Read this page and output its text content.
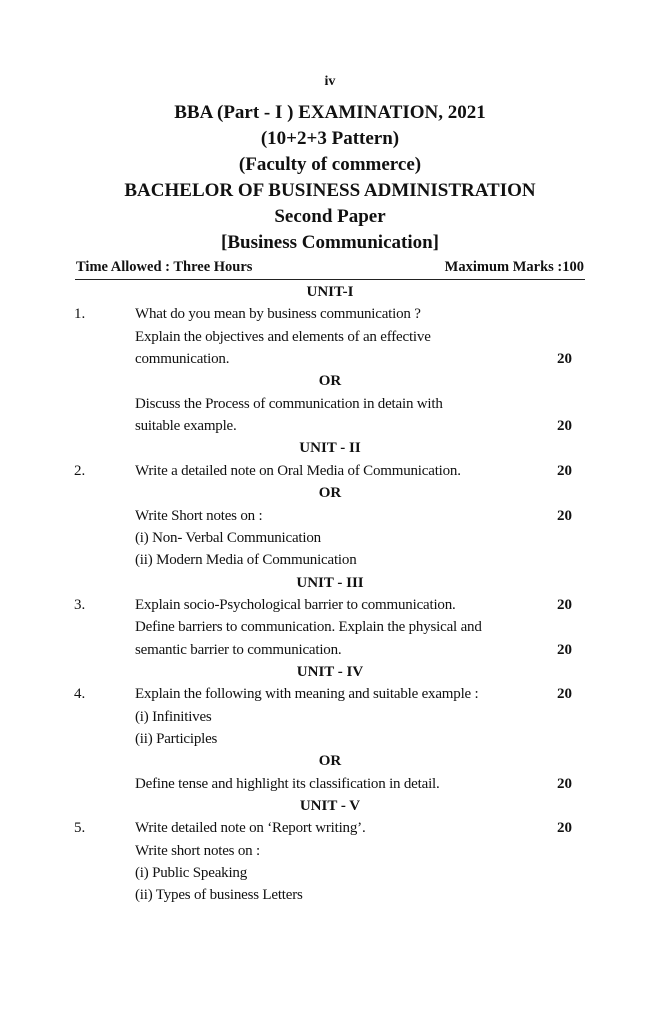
iv
BBA (Part - I ) EXAMINATION, 2021
(10+2+3 Pattern)
(Faculty of commerce)
BACHELOR OF BUSINESS ADMINISTRATION
Second Paper
[Business Communication]
Time Allowed : Three Hours	Maximum Marks :100
UNIT-I
1.	What do you mean by business communication ?
Explain the objectives and elements of an effective
communication.	20
OR
Discuss the Process of communication in detain with
suitable example.	20
UNIT - II
2.	Write a detailed note on Oral Media of Communication.	20
OR
Write Short notes on :	20
(i) Non- Verbal Communication
(ii) Modern Media of Communication
UNIT - III
3.	Explain socio-Psychological barrier to communication.	20
Define barriers to communication. Explain the physical and
semantic barrier to communication.	20
UNIT - IV
4.	Explain the following with meaning and suitable example :	20
(i) Infinitives
(ii) Participles
OR
Define tense and highlight its classification in detail.	20
UNIT - V
5.	Write detailed note on ‘Report writing’.	20
Write short notes on :
(i) Public Speaking
(ii) Types of business Letters
